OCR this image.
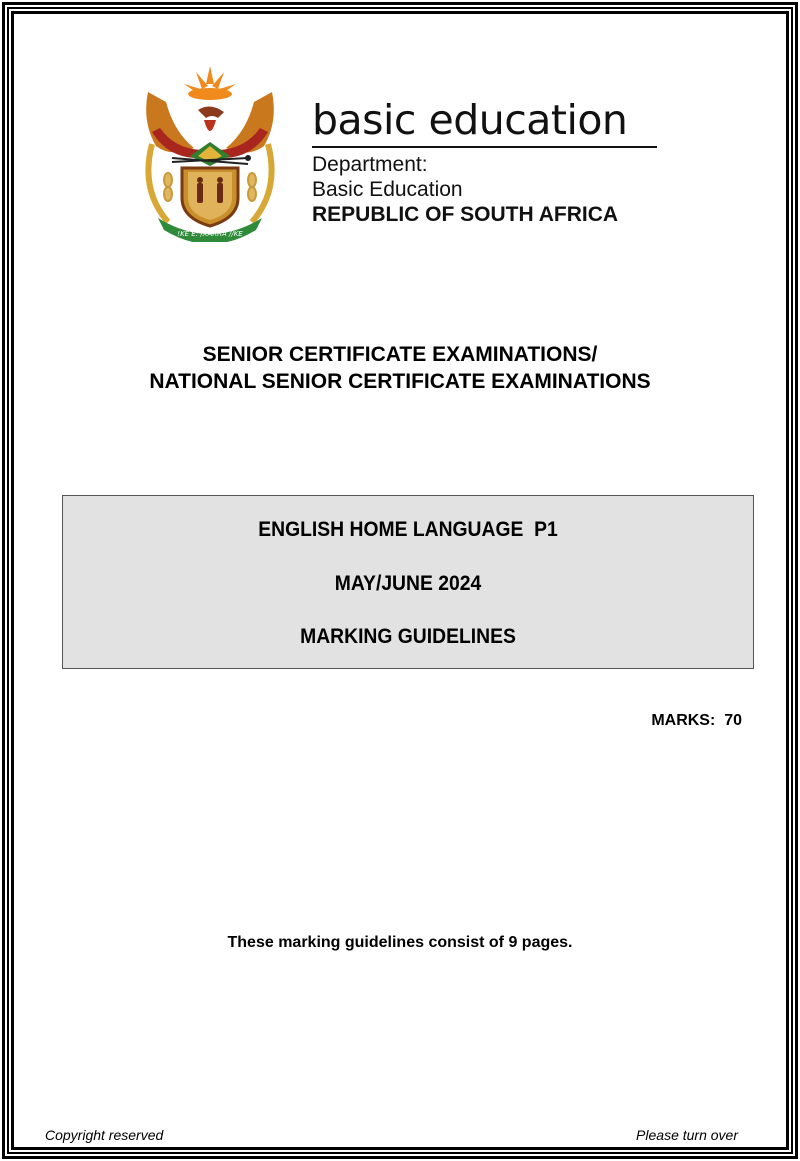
!KE E: /XARRA //KE
basic education
Department:
Basic Education
REPUBLIC OF SOUTH AFRICA
SENIOR CERTIFICATE EXAMINATIONS/
NATIONAL SENIOR CERTIFICATE EXAMINATIONS
ENGLISH HOME LANGUAGE  P1
MAY/JUNE 2024
MARKING GUIDELINES
MARKS:  70
These marking guidelines consist of 9 pages.
Copyright reserved	Please turn over
